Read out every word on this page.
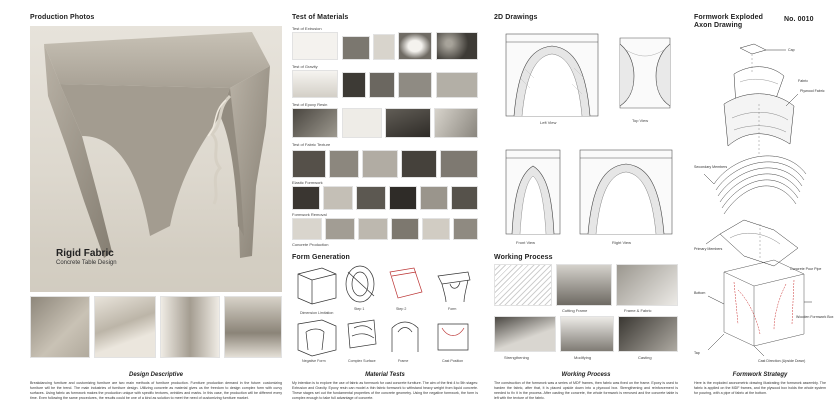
Production Photos
Rigid Fabric
Concrete Table Design
Design Descriptive
Breakdancing furniture and customizing furniture are two main methods of furniture production. Furniture production demand in the future: customizing furniture will be the trend. The main industries of furniture design. Utilizing concrete as material gives us the freedom to design complex form with curvy surfaces. Using fabric as formwork makes the production unique with specific textures, wrinkles and marks. In this case, the production will be different every time. Even following the same procedures, the results could be one of a kind as solution to meet the need of customizing furniture market.
Test of Materials
Test of Extrusion
Test of Gravity
Test of Epoxy Resin
Test of Fabric Texture
Elastic Formwork
Formwork Removal
Concrete Production
Form Generation
Dimension Limitation
Step 1	Step 2	Form
Negative Form	Complex Surface	Frame	Cast Position
Material Tests
My intention is to explore the use of fabric as formwork for cast concrete furniture. The aim of the first 4 to 5th stages: Extrusion and Gravity. Epoxy resin can model a thin fabric formwork to withstand heavy weight from liquid concrete. These stages set out the fundamental properties of the concrete geometry. Using the negative formwork, the form is complex enough to take full advantage of concrete.
2D Drawings
Left View	Top View
Front View	Right View
Working Process
Cutting Frame	Frame & Fabric
Strengthening	Modifying	Casting
Working Process
The construction of the formwork was a series of MDF frames, then fabric was fixed on the frame. Epoxy is used to harden the fabric, after that, it is placed upside down into a plywood box. Strengthening and reinforcement is needed to fix it in the process. After casting the concrete, the whole formwork is removed and the concrete table is left with the texture of the fabric.
Formwork Exploded
Axon Drawing
No. 0010
Cap
Fabric
Plywood Fabric
Secondary Members
Primary Members
Concrete Pour Pipe
Bottom
Wooden Formwork Box
Tap
Cast Direction (Upside Down)
Formwork Strategy
Here is the exploded axonometric drawing illustrating the formwork assembly. The fabric is applied on the MDF frames, and the plywood box holds the whole system for pouring, with a pipe of fabric at the bottom.
